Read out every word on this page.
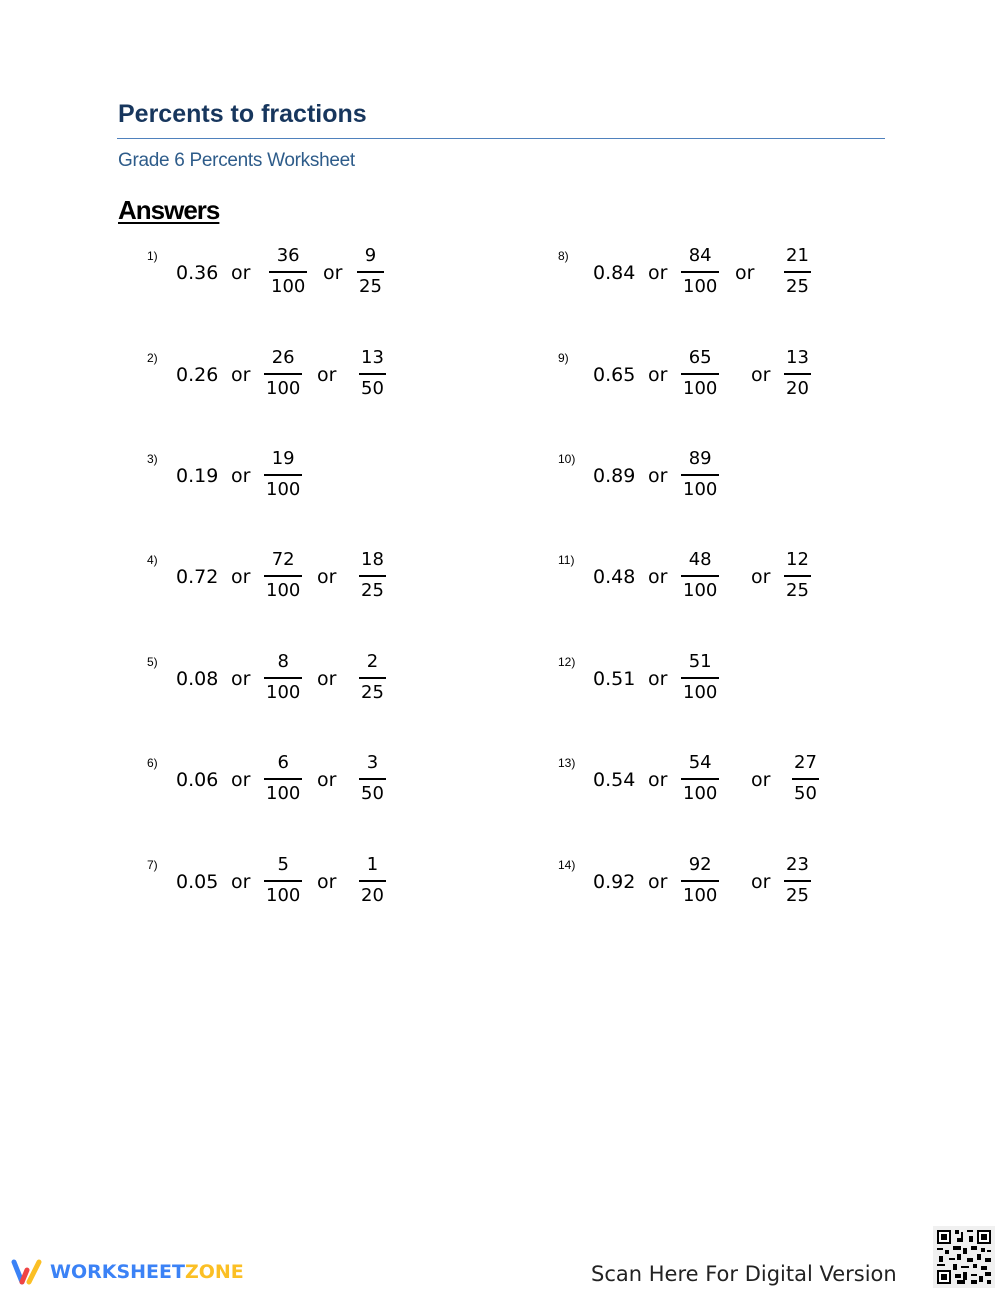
Percents to fractions
Grade 6 Percents Worksheet
Answers
1)
0.36 or
36
100
or
9
25
2)
0.26 or
26
100
or
13
50
3)
0.19 or
19
100
4)
0.72 or
72
100
or
18
25
5)
0.08 or
8
100
or
2
25
6)
0.06 or
6
100
or
3
50
7)
0.05 or
5
100
or
1
20
8)
0.84 or
84
100
or
21
25
9)
0.65 or
65
100
or
13
20
10)
0.89 or
89
100
11)
0.48 or
48
100
or
12
25
12)
0.51 or
51
100
13)
0.54 or
54
100
or
27
50
14)
0.92 or
92
100
or
23
25
WORKSHEETZONE	Scan Here For Digital Version
